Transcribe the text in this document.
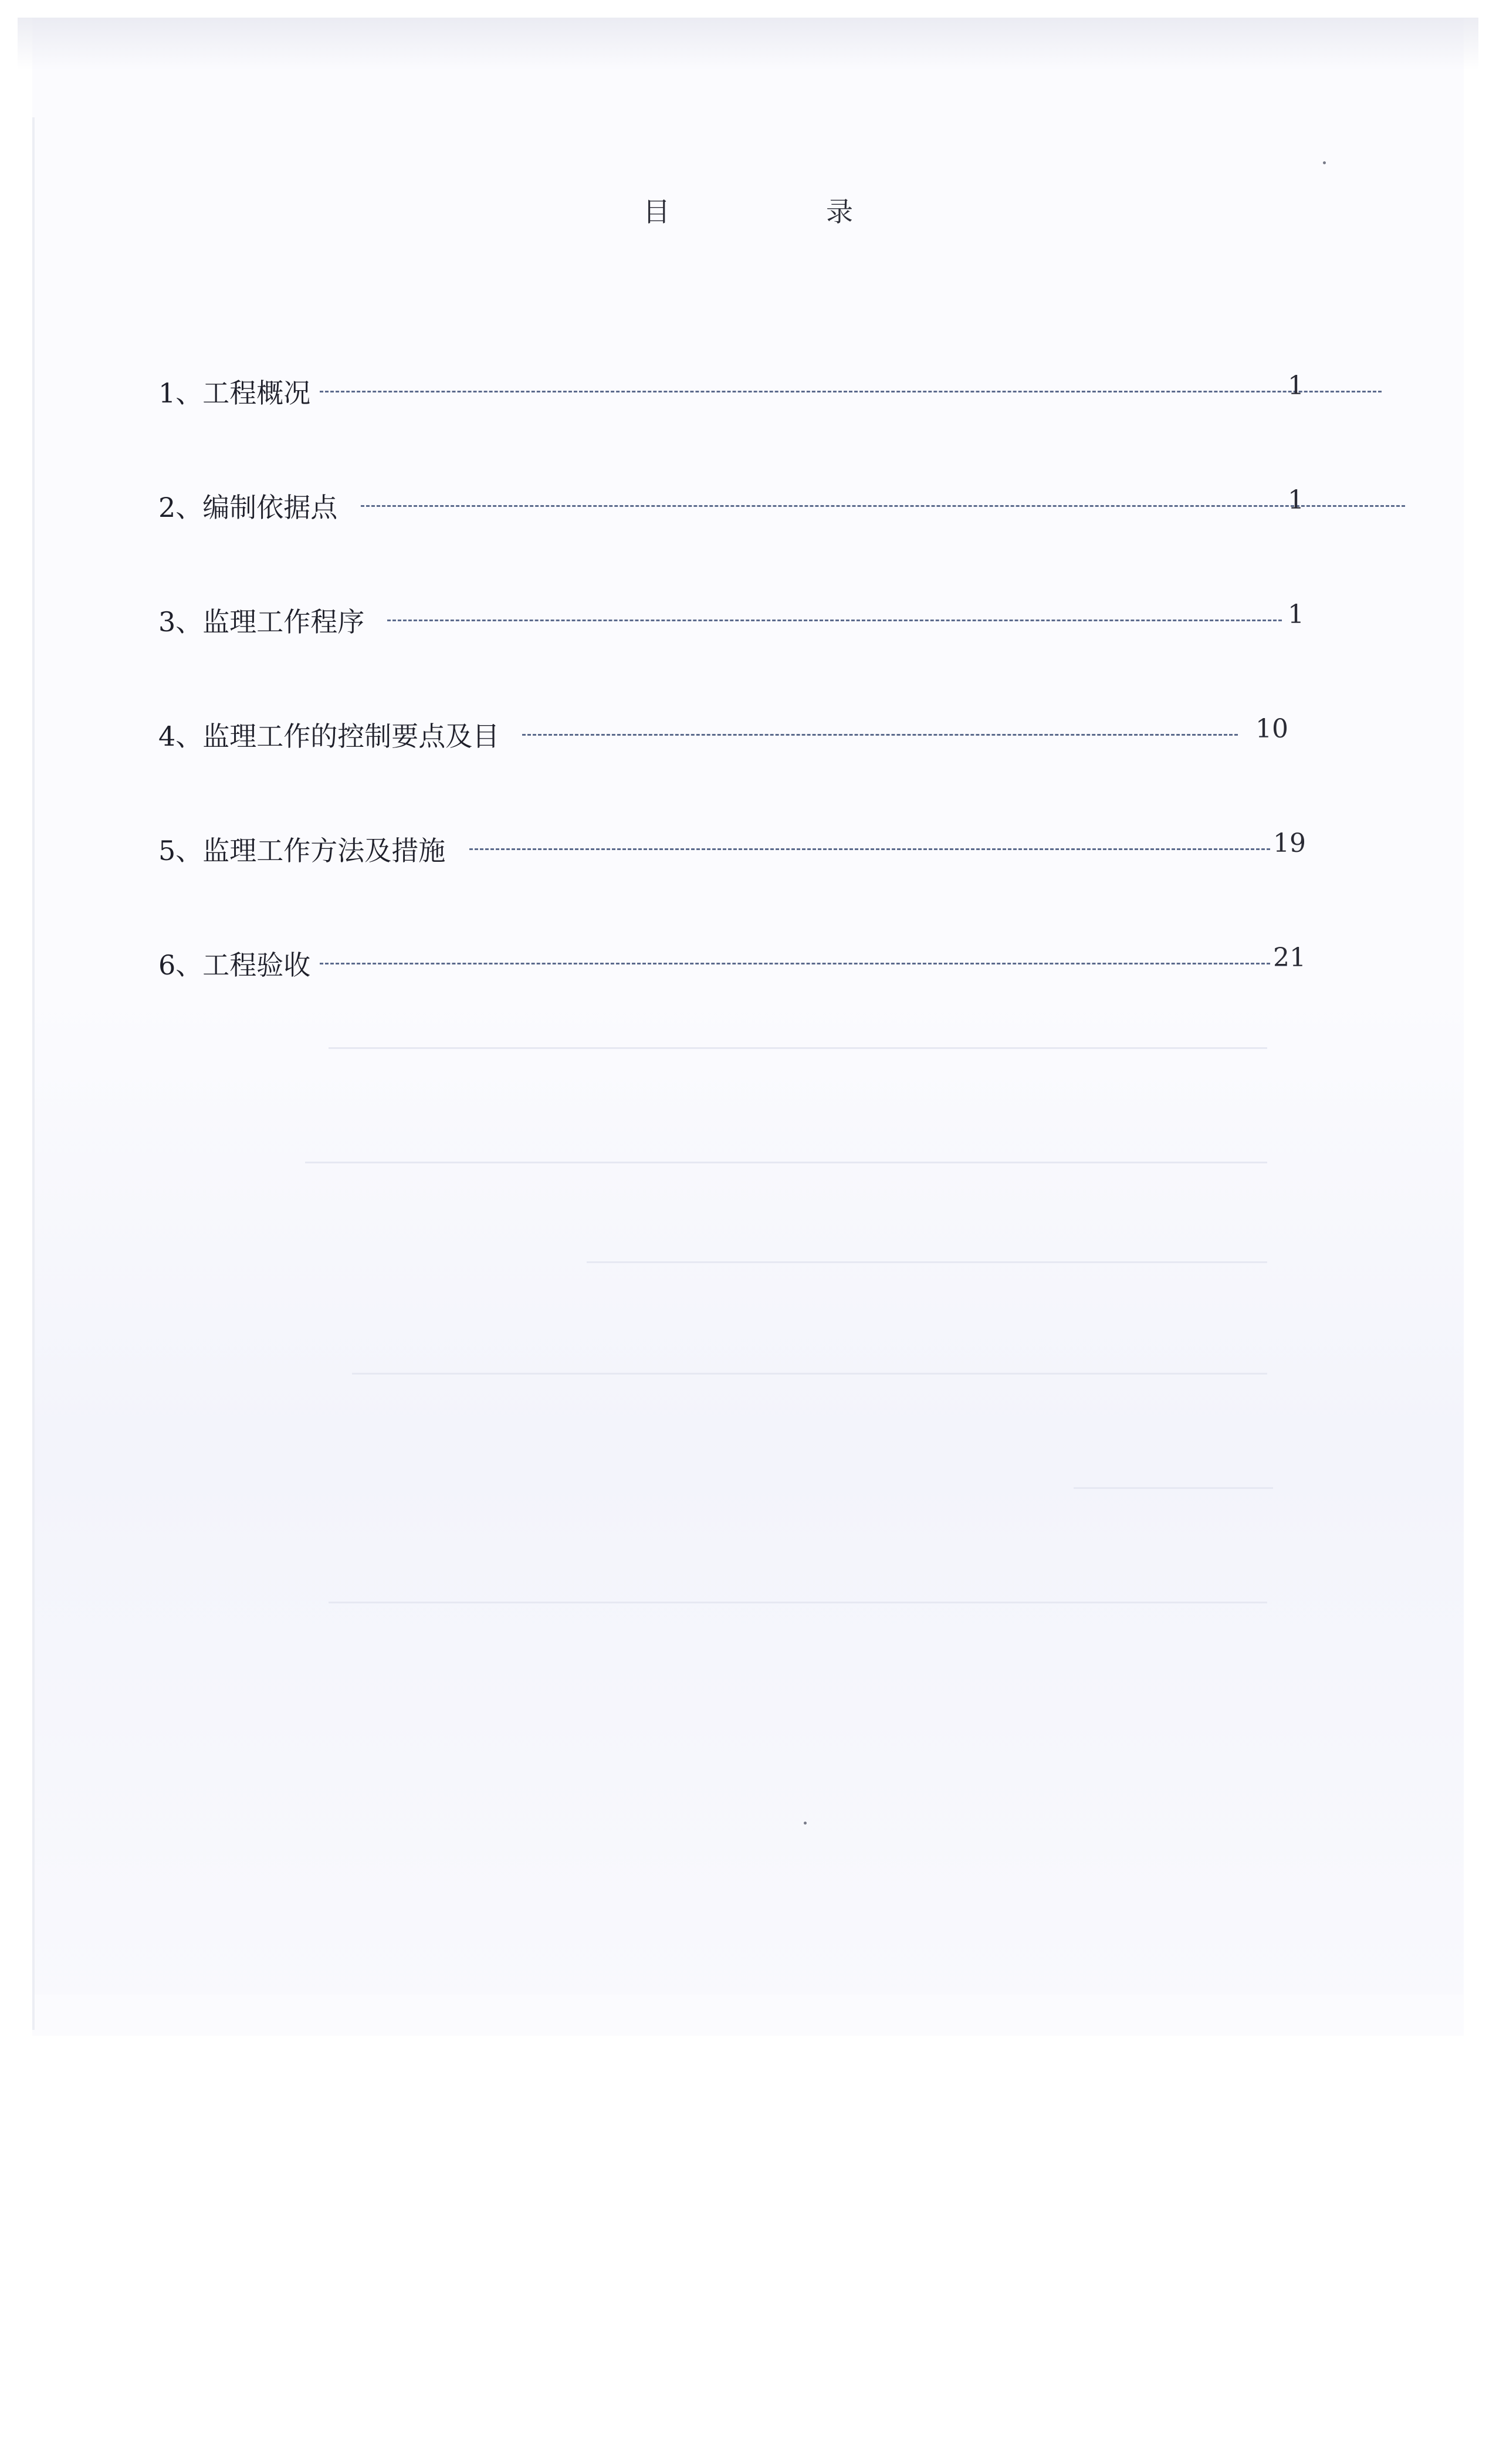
目　录
1、工程概况	1
2、编制依据点	1
3、监理工作程序	1
4、监理工作的控制要点及目	10
5、监理工作方法及措施	19
6、工程验收	21
